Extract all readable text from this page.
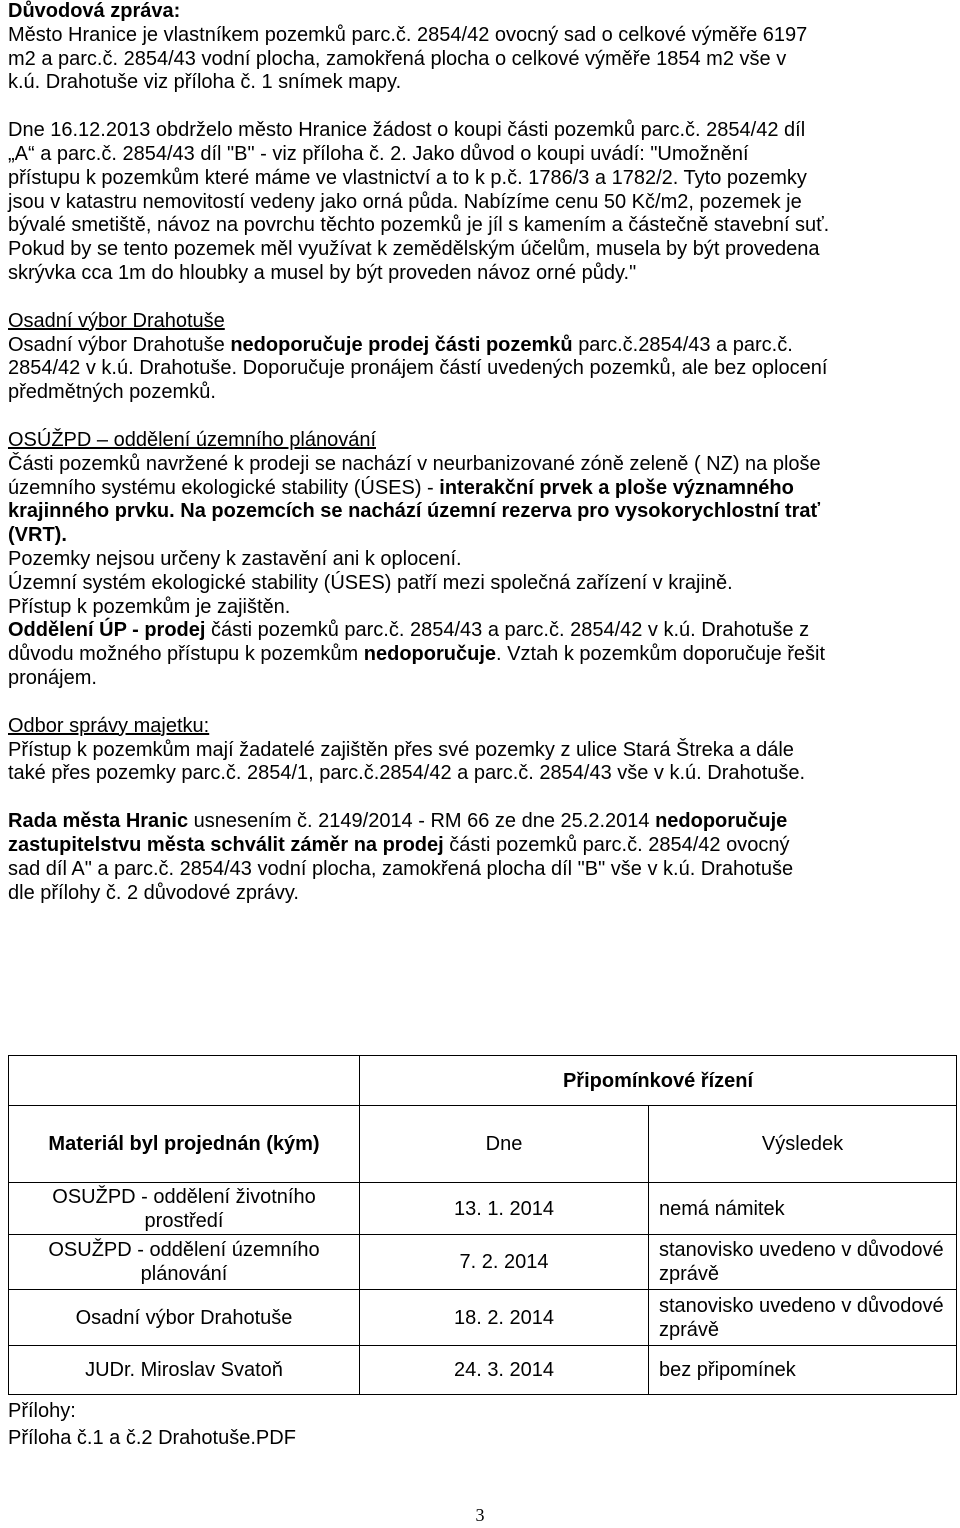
Důvodová zpráva:

Město Hranice je vlastníkem pozemků parc.č. 2854/42 ovocný sad o celkové výměře 6197

m2 a parc.č. 2854/43 vodní plocha, zamokřená plocha o celkové výměře 1854 m2 vše v

k.ú. Drahotuše viz příloha č. 1 snímek mapy.

Dne 16.12.2013 obdrželo město Hranice žádost o koupi části pozemků parc.č. 2854/42 díl

„A“ a parc.č. 2854/43 díl "B" - viz příloha č. 2. Jako důvod o koupi uvádí: "Umožnění

přístupu k pozemkům které máme ve vlastnictví a to k p.č. 1786/3 a 1782/2. Tyto pozemky

jsou v katastru nemovitostí vedeny jako orná půda. Nabízíme cenu 50 Kč/m2, pozemek je

bývalé smetiště, návoz na povrchu těchto pozemků je jíl s kamením a částečně stavební suť.

Pokud by se tento pozemek měl využívat k zemědělským účelům, musela by být provedena

skrývka cca 1m do hloubky a musel by být proveden návoz orné půdy."

Osadní výbor Drahotuše

Osadní výbor Drahotuše nedoporučuje prodej části pozemků parc.č.2854/43 a parc.č.

2854/42 v k.ú. Drahotuše. Doporučuje pronájem částí uvedených pozemků, ale bez oplocení

předmětných pozemků.

OSÚŽPD – oddělení územního plánování

Části pozemků navržené k prodeji se nachází v neurbanizované zóně zeleně ( NZ) na ploše

územního systému ekologické stability (ÚSES) - interakční prvek a ploše významného

krajinného prvku. Na pozemcích se nachází územní rezerva pro vysokorychlostní trať

(VRT).

Pozemky nejsou určeny k zastavění ani k oplocení.

Územní systém ekologické stability (ÚSES) patří mezi společná zařízení v krajině.

Přístup k pozemkům je zajištěn.

Oddělení ÚP - prodej části pozemků parc.č. 2854/43 a parc.č. 2854/42 v k.ú. Drahotuše z

důvodu možného přístupu k pozemkům nedoporučuje. Vztah k pozemkům doporučuje řešit

pronájem.

Odbor správy majetku:

Přístup k pozemkům mají žadatelé zajištěn přes své pozemky z ulice Stará Štreka a dále

také přes pozemky parc.č. 2854/1, parc.č.2854/42 a parc.č. 2854/43 vše v k.ú. Drahotuše.

Rada města Hranic usnesením č. 2149/2014 - RM 66 ze dne 25.2.2014 nedoporučuje

zastupitelstvu města schválit záměr na prodej části pozemků parc.č. 2854/42 ovocný

sad díl A" a parc.č. 2854/43 vodní plocha, zamokřená plocha díl "B" vše v k.ú. Drahotuše

dle přílohy č. 2 důvodové zprávy.

	Připomínkové řízení	
Materiál byl projednán (kým)	Dne	Výsledek
OSUŽPD - oddělení životního prostředí	13. 1. 2014	nemá námitek
OSUŽPD - oddělení územního plánování	7. 2. 2014	stanovisko uvedeno v důvodové zprávě
Osadní výbor Drahotuše	18. 2. 2014	stanovisko uvedeno v důvodové zprávě
JUDr. Miroslav Svatoň	24. 3. 2014	bez připomínek

Přílohy:

Příloha č.1 a č.2 Drahotuše.PDF

3
